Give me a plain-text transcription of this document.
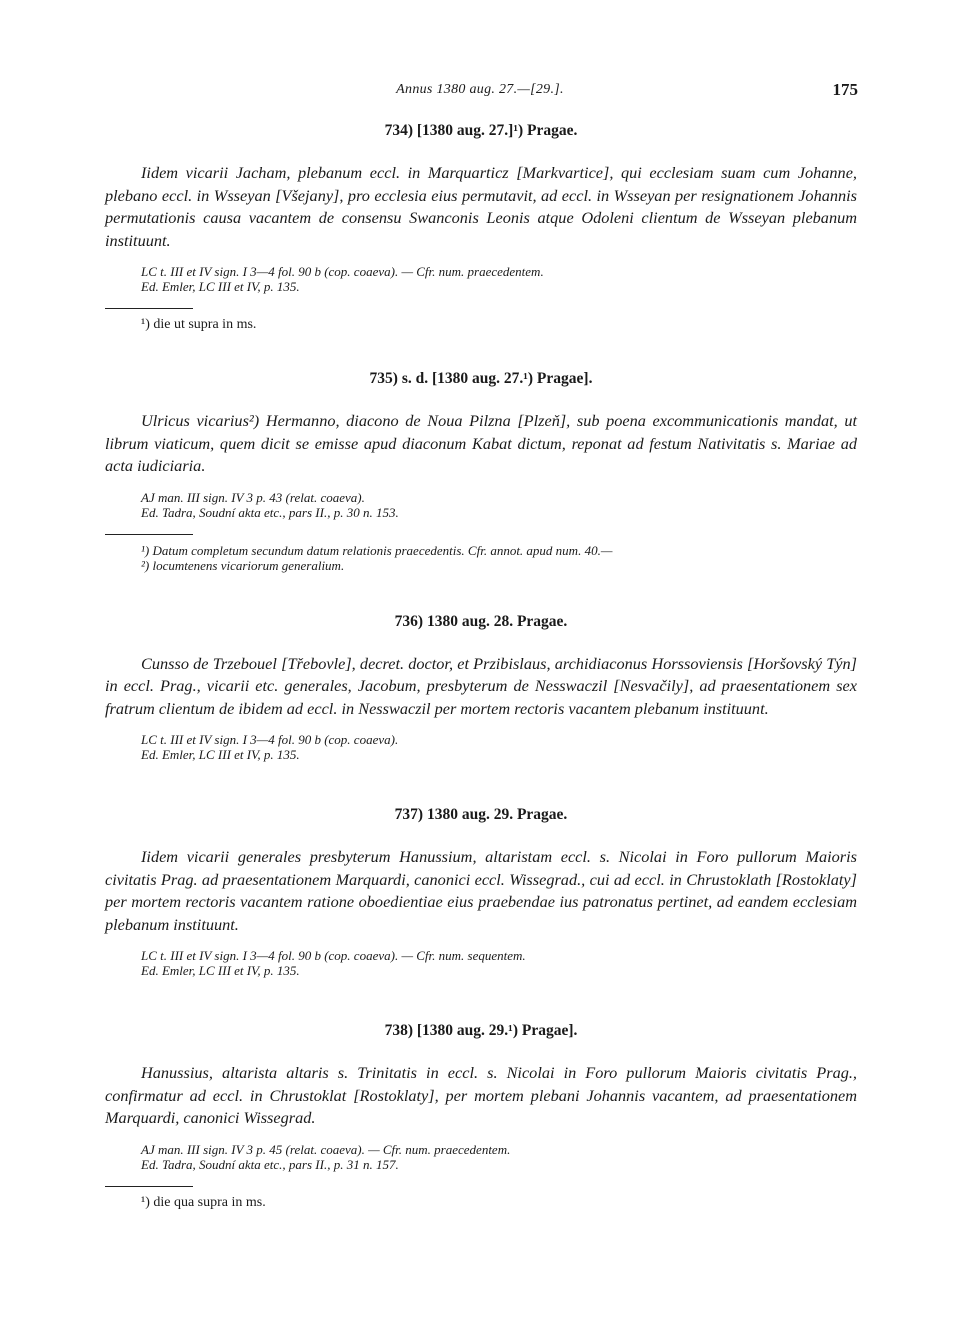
Annus 1380 aug. 27.—[29.].	175
734) [1380 aug. 27.]¹) Pragae.

Iidem vicarii Jacham, plebanum eccl. in Marquarticz [Markvartice], qui ecclesiam suam cum Johanne, plebano eccl. in Wsseyan [Všejany], pro ecclesia eius permutavit, ad eccl. in Wsseyan per resignationem Johannis permutationis causa vacantem de consensu Swanconis Leonis atque Odoleni clientum de Wsseyan plebanum instituunt.

LC t. III et IV sign. I 3—4 fol. 90 b (cop. coaeva). — Cfr. num. praecedentem.
Ed. Emler, LC III et IV, p. 135.
¹) die ut supra in ms.
735) s. d. [1380 aug. 27.¹) Pragae].

Ulricus vicarius²) Hermanno, diacono de Noua Pilzna [Plzeň], sub poena excommunicationis mandat, ut librum viaticum, quem dicit se emisse apud diaconum Kabat dictum, reponat ad festum Nativitatis s. Mariae ad acta iudiciaria.

AJ man. III sign. IV 3 p. 43 (relat. coaeva).
Ed. Tadra, Soudní akta etc., pars II., p. 30 n. 153.
¹) Datum completum secundum datum relationis praecedentis. Cfr. annot. apud num. 40.—
²) locumtenens vicariorum generalium.
736) 1380 aug. 28. Pragae.

Cunsso de Trzebouel [Třebovle], decret. doctor, et Przibislaus, archidiaconus Horssoviensis [Horšovský Týn] in eccl. Prag., vicarii etc. generales, Jacobum, presbyterum de Nesswaczil [Nesvačily], ad praesentationem sex fratrum clientum de ibidem ad eccl. in Nesswaczil per mortem rectoris vacantem plebanum instituunt.

LC t. III et IV sign. I 3—4 fol. 90 b (cop. coaeva).
Ed. Emler, LC III et IV, p. 135.
737) 1380 aug. 29. Pragae.

Iidem vicarii generales presbyterum Hanussium, altaristam eccl. s. Nicolai in Foro pullorum Maioris civitatis Prag. ad praesentationem Marquardi, canonici eccl. Wissegrad., cui ad eccl. in Chrustoklath [Rostoklaty] per mortem rectoris vacantem ratione oboedientiae eius praebendae ius patronatus pertinet, ad eandem ecclesiam plebanum instituunt.

LC t. III et IV sign. I 3—4 fol. 90 b (cop. coaeva). — Cfr. num. sequentem.
Ed. Emler, LC III et IV, p. 135.
738) [1380 aug. 29.¹) Pragae].

Hanussius, altarista altaris s. Trinitatis in eccl. s. Nicolai in Foro pullorum Maioris civitatis Prag., confirmatur ad eccl. in Chrustoklat [Rostoklaty], per mortem plebani Johannis vacantem, ad praesentationem Marquardi, canonici Wissegrad.

AJ man. III sign. IV 3 p. 45 (relat. coaeva). — Cfr. num. praecedentem.
Ed. Tadra, Soudní akta etc., pars II., p. 31 n. 157.
¹) die qua supra in ms.
